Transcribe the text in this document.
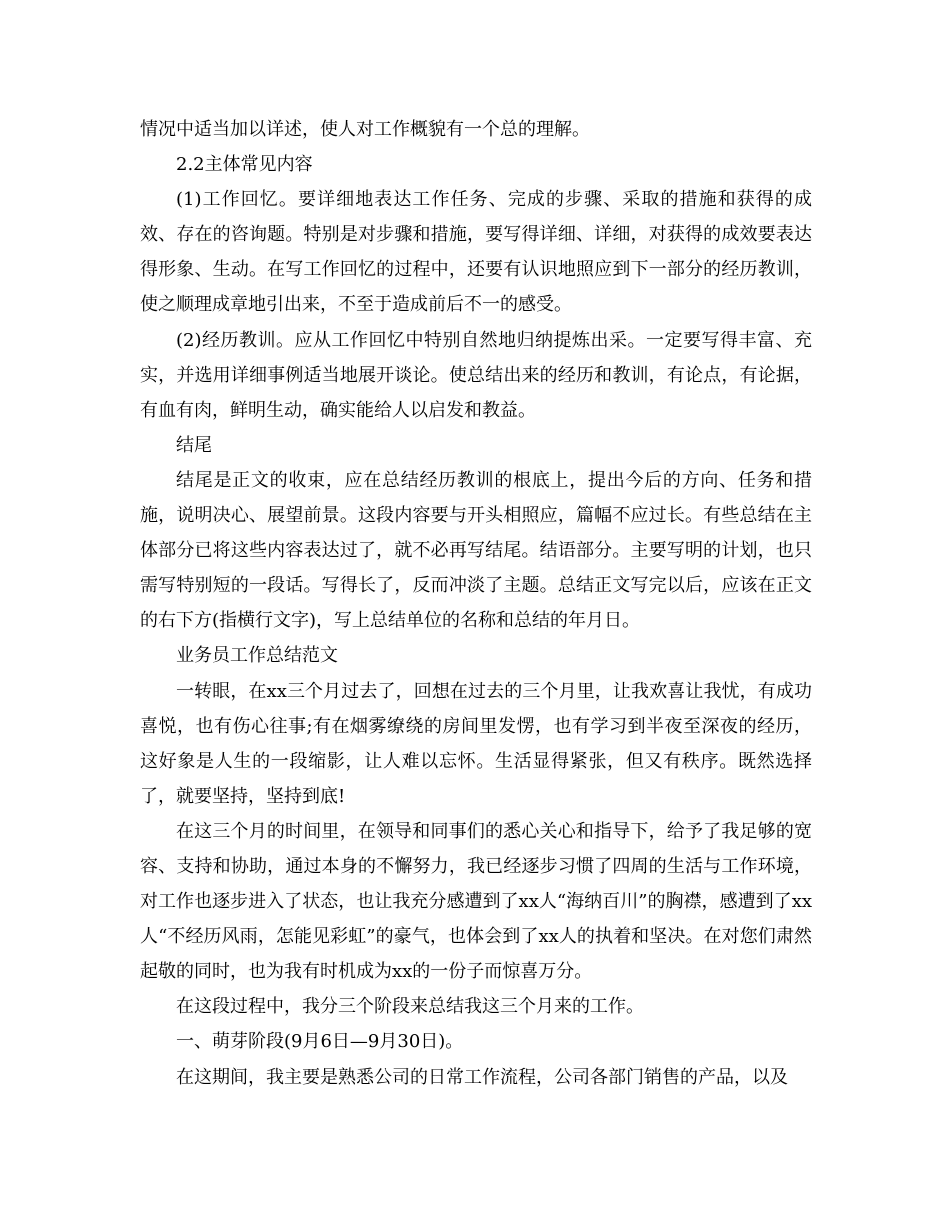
情况中适当加以详述，使人对工作概貌有一个总的理解。

2.2主体常见内容

(1)工作回忆。要详细地表达工作任务、完成的步骤、采取的措施和获得的成效、存在的咨询题。特别是对步骤和措施，要写得详细、详细，对获得的成效要表达得形象、生动。在写工作回忆的过程中，还要有认识地照应到下一部分的经历教训，使之顺理成章地引出来，不至于造成前后不一的感受。

(2)经历教训。应从工作回忆中特别自然地归纳提炼出采。一定要写得丰富、充实，并选用详细事例适当地展开谈论。使总结出来的经历和教训，有论点，有论据，有血有肉，鲜明生动，确实能给人以启发和教益。

结尾

结尾是正文的收束，应在总结经历教训的根底上，提出今后的方向、任务和措施，说明决心、展望前景。这段内容要与开头相照应，篇幅不应过长。有些总结在主体部分已将这些内容表达过了，就不必再写结尾。结语部分。主要写明的计划，也只需写特别短的一段话。写得长了，反而冲淡了主题。总结正文写完以后，应该在正文的右下方(指横行文字)，写上总结单位的名称和总结的年月日。

业务员工作总结范文

一转眼，在xx三个月过去了，回想在过去的三个月里，让我欢喜让我忧，有成功喜悦，也有伤心往事;有在烟雾缭绕的房间里发愣，也有学习到半夜至深夜的经历，这好象是人生的一段缩影，让人难以忘怀。生活显得紧张，但又有秩序。既然选择了，就要坚持，坚持到底!

在这三个月的时间里，在领导和同事们的悉心关心和指导下，给予了我足够的宽容、支持和协助，通过本身的不懈努力，我已经逐步习惯了四周的生活与工作环境，对工作也逐步进入了状态，也让我充分感遭到了xx人“海纳百川”的胸襟，感遭到了xx人“不经历风雨，怎能见彩虹”的豪气，也体会到了xx人的执着和坚决。在对您们肃然起敬的同时，也为我有时机成为xx的一份子而惊喜万分。

在这段过程中，我分三个阶段来总结我这三个月来的工作。

一、萌芽阶段(9月6日—9月30日)。

在这期间，我主要是熟悉公司的日常工作流程，公司各部门销售的产品，以及
